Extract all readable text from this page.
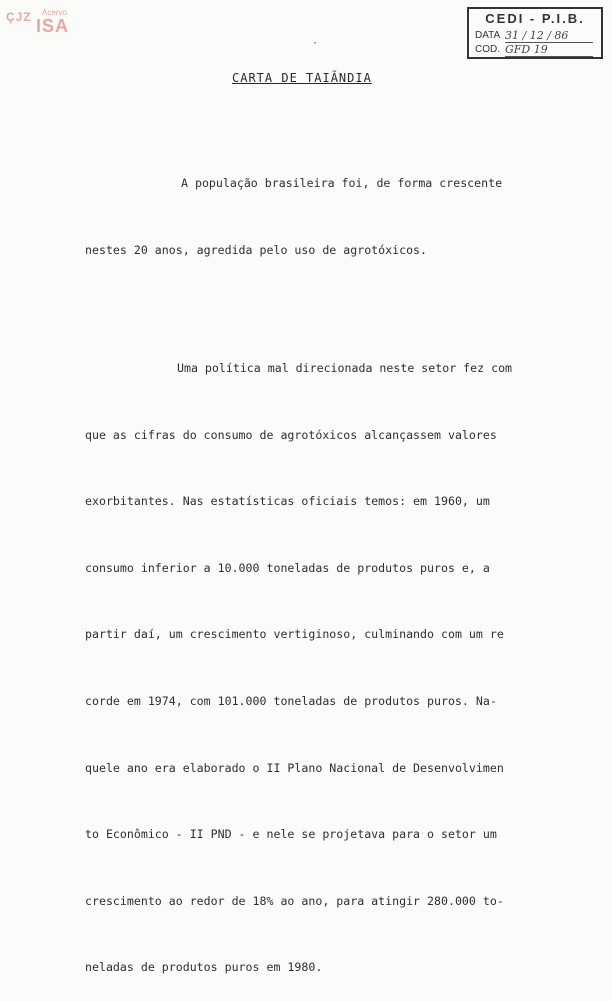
ÇJZ Acervo
ISA	CEDI - P.I.B.
DATA 31 / 12 / 86
COD. GFD 19
·
CARTA DE TAIÃNDIA

A população brasileira foi, de forma crescente

nestes 20 anos, agredida pelo uso de agrotóxicos.

Uma política mal direcionada neste setor fez com

que as cifras do consumo de agrotóxicos alcançassem valores

exorbitantes. Nas estatísticas oficiais temos: em 1960, um

consumo inferior a 10.000 toneladas de produtos puros e, a

partir daí, um crescimento vertiginoso, culminando com um re

corde em 1974, com 101.000 toneladas de produtos puros. Na-

quele ano era elaborado o II Plano Nacional de Desenvolvimen

to Econômico - II PND - e nele se projetava para o setor um

crescimento ao redor de 18% ao ano, para atingir 280.000 to-

neladas de produtos puros em 1980.
